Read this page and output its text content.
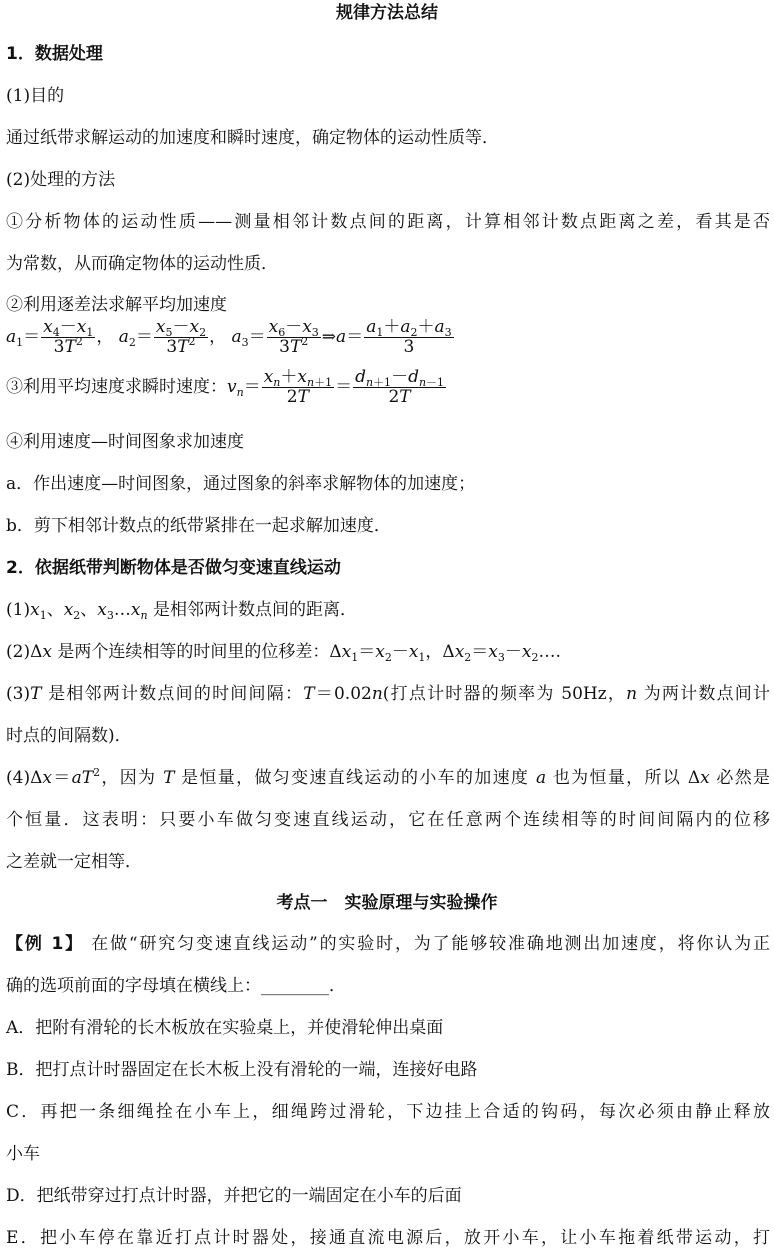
规律方法总结
1．数据处理
(1)目的
通过纸带求解运动的加速度和瞬时速度，确定物体的运动性质等．
(2)处理的方法
①分析物体的运动性质——测量相邻计数点间的距离，计算相邻计数点距离之差，看其是否
为常数，从而确定物体的运动性质．
②利用逐差法求解平均加速度
$a_1= \frac{x_4-x_1}{3T^2}$ ， $a_2= \frac{x_5-x_2}{3T^2}$ ， $a_3= \frac{x_6-x_3}{3T^2}$ ⇒a＝ $\frac{a_1+a_2+a_3}{3}$
③利用平均速度求瞬时速度：$v_n= \frac{x_n+x_{n+1}}{2T} = \frac{d_{n+1}-d_{n-1}}{2T}$
④利用速度—时间图象求加速度
a．作出速度—时间图象，通过图象的斜率求解物体的加速度；
b．剪下相邻计数点的纸带紧排在一起求解加速度．
2．依据纸带判断物体是否做匀变速直线运动
$(1)x_1$、$x_2$、$x_3\dots x_n$ 是相邻两计数点间的距离．
(2)Δx 是两个连续相等的时间里的位移差：$\Delta x_1=x_2-x_1$，$\Delta x_2=x_3-x_2\dots$.
(3)T 是相邻两计数点间的时间间隔：T＝0.02n(打点计时器的频率为 50Hz，n 为两计数点间计
时点的间隔数)．
$(4)\Delta x=aT^2$，因为 T 是恒量，做匀变速直线运动的小车的加速度 a 也为恒量，所以 Δx 必然是
个恒量．这表明：只要小车做匀变速直线运动，它在任意两个连续相等的时间间隔内的位移
之差就一定相等．
考点一　实验原理与实验操作
【例 1】 在做“研究匀变速直线运动”的实验时，为了能够较准确地测出加速度，将你认为正
确的选项前面的字母填在横线上：________．
A．把附有滑轮的长木板放在实验桌上，并使滑轮伸出桌面
B．把打点计时器固定在长木板上没有滑轮的一端，连接好电路
C．再把一条细绳拴在小车上，细绳跨过滑轮，下边挂上合适的钩码，每次必须由静止释放
小车
D．把纸带穿过打点计时器，并把它的一端固定在小车的后面
E．把小车停在靠近打点计时器处，接通直流电源后，放开小车，让小车拖着纸带运动，打
